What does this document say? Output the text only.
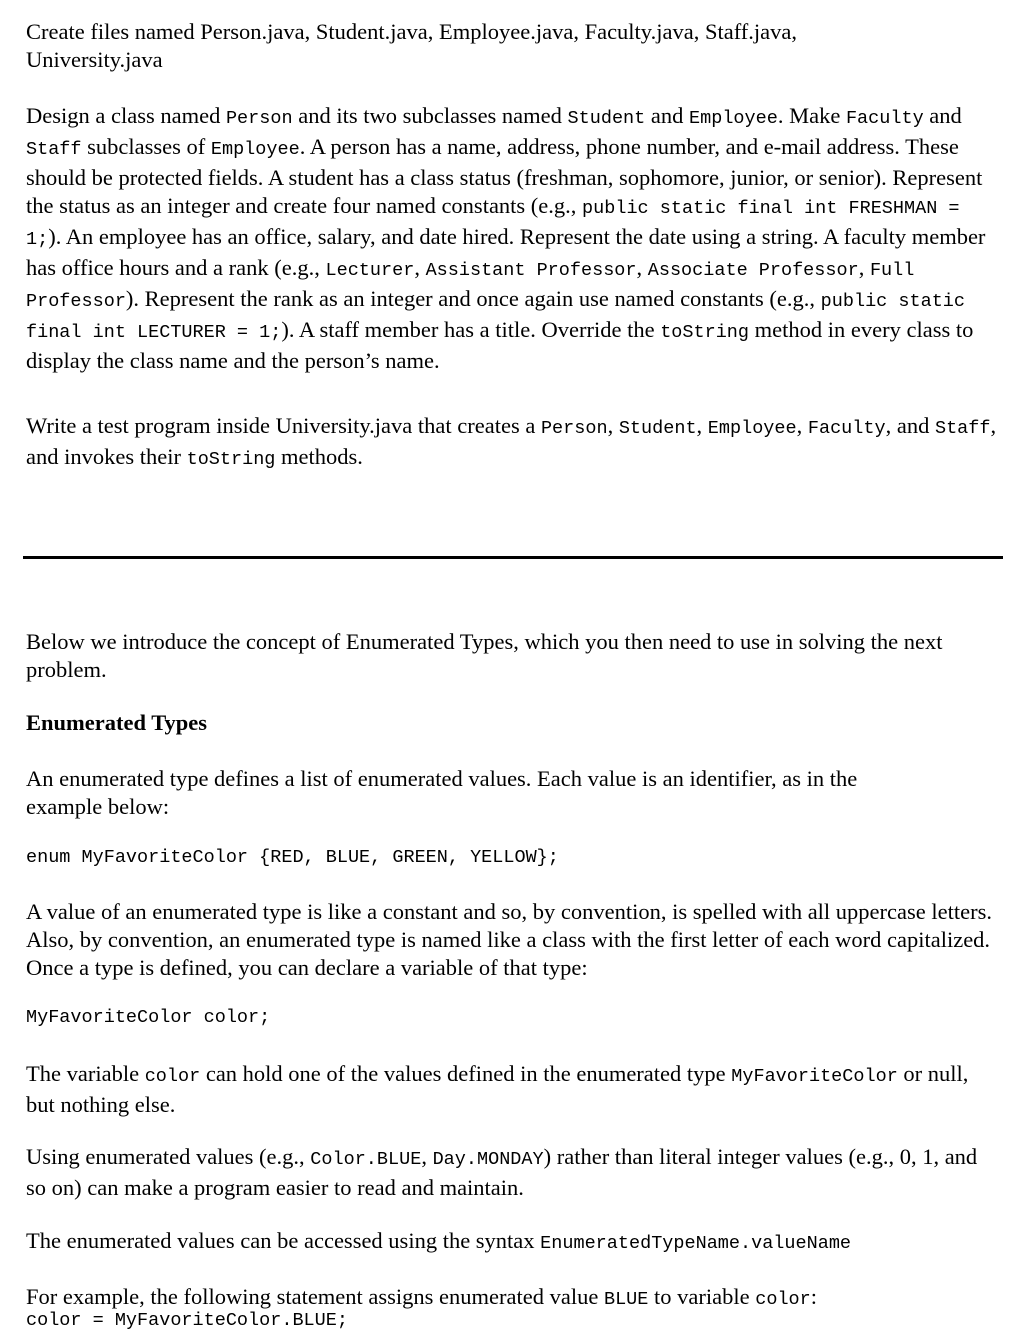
Create files named Person.java, Student.java, Employee.java, Faculty.java, Staff.java,
University.java

Design a class named Person and its two subclasses named Student and Employee. Make Faculty and Staff subclasses of Employee. A person has a name, address, phone number, and e-mail address. These should be protected fields. A student has a class status (freshman, sophomore, junior, or senior). Represent the status as an integer and create four named constants (e.g., public static final int FRESHMAN = 1;). An employee has an office, salary, and date hired. Represent the date using a string. A faculty member has office hours and a rank (e.g., Lecturer, Assistant Professor, Associate Professor, Full Professor). Represent the rank as an integer and once again use named constants (e.g., public static final int LECTURER = 1;). A staff member has a title. Override the toString method in every class to display the class name and the person’s name.

Write a test program inside University.java that creates a Person, Student, Employee, Faculty, and Staff, and invokes their toString methods.

Below we introduce the concept of Enumerated Types, which you then need to use in solving the next problem.

Enumerated Types

An enumerated type defines a list of enumerated values. Each value is an identifier, as in the example below:

enum MyFavoriteColor {RED, BLUE, GREEN, YELLOW};

A value of an enumerated type is like a constant and so, by convention, is spelled with all uppercase letters. Also, by convention, an enumerated type is named like a class with the first letter of each word capitalized. Once a type is defined, you can declare a variable of that type:

MyFavoriteColor color;

The variable color can hold one of the values defined in the enumerated type MyFavoriteColor or null, but nothing else.

Using enumerated values (e.g., Color.BLUE, Day.MONDAY) rather than literal integer values (e.g., 0, 1, and so on) can make a program easier to read and maintain.

The enumerated values can be accessed using the syntax EnumeratedTypeName.valueName

For example, the following statement assigns enumerated value BLUE to variable color:

color = MyFavoriteColor.BLUE;
